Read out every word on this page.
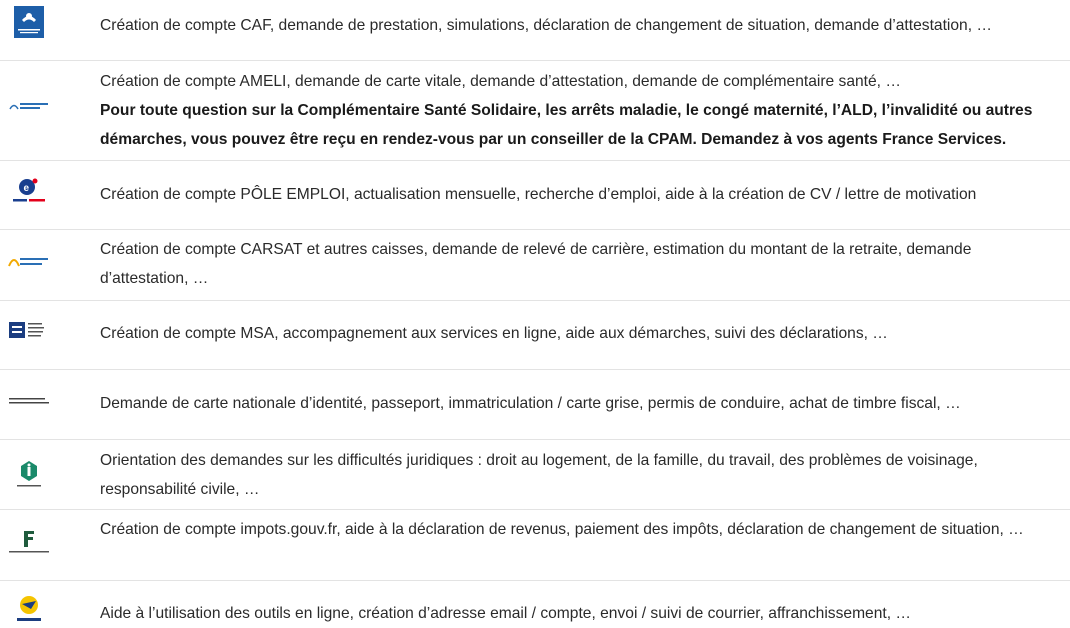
Création de compte CAF, demande de prestation, simulations, déclaration de changement de situation, demande d’attestation, …
Création de compte AMELI, demande de carte vitale, demande d’attestation, demande de complémentaire santé, …
Pour toute question sur la Complémentaire Santé Solidaire, les arrêts maladie, le congé maternité, l’ALD, l’invalidité ou autres démarches, vous pouvez être reçu en rendez-vous par un conseiller de la CPAM. Demandez à vos agents France Services.
e	Création de compte PÔLE EMPLOI, actualisation mensuelle, recherche d’emploi, aide à la création de CV / lettre de motivation
Création de compte CARSAT et autres caisses, demande de relevé de carrière, estimation du montant de la retraite, demande d’attestation, …
Création de compte MSA, accompagnement aux services en ligne, aide aux démarches, suivi des déclarations, …
Demande de carte nationale d’identité, passeport, immatriculation / carte grise, permis de conduire, achat de timbre fiscal, …
Orientation des demandes sur les difficultés juridiques : droit au logement, de la famille, du travail, des problèmes de voisinage, responsabilité civile, …
Création de compte impots.gouv.fr, aide à la déclaration de revenus, paiement des impôts, déclaration de changement de situation, …
Aide à l’utilisation des outils en ligne, création d’adresse email / compte, envoi / suivi de courrier, affranchissement, …
